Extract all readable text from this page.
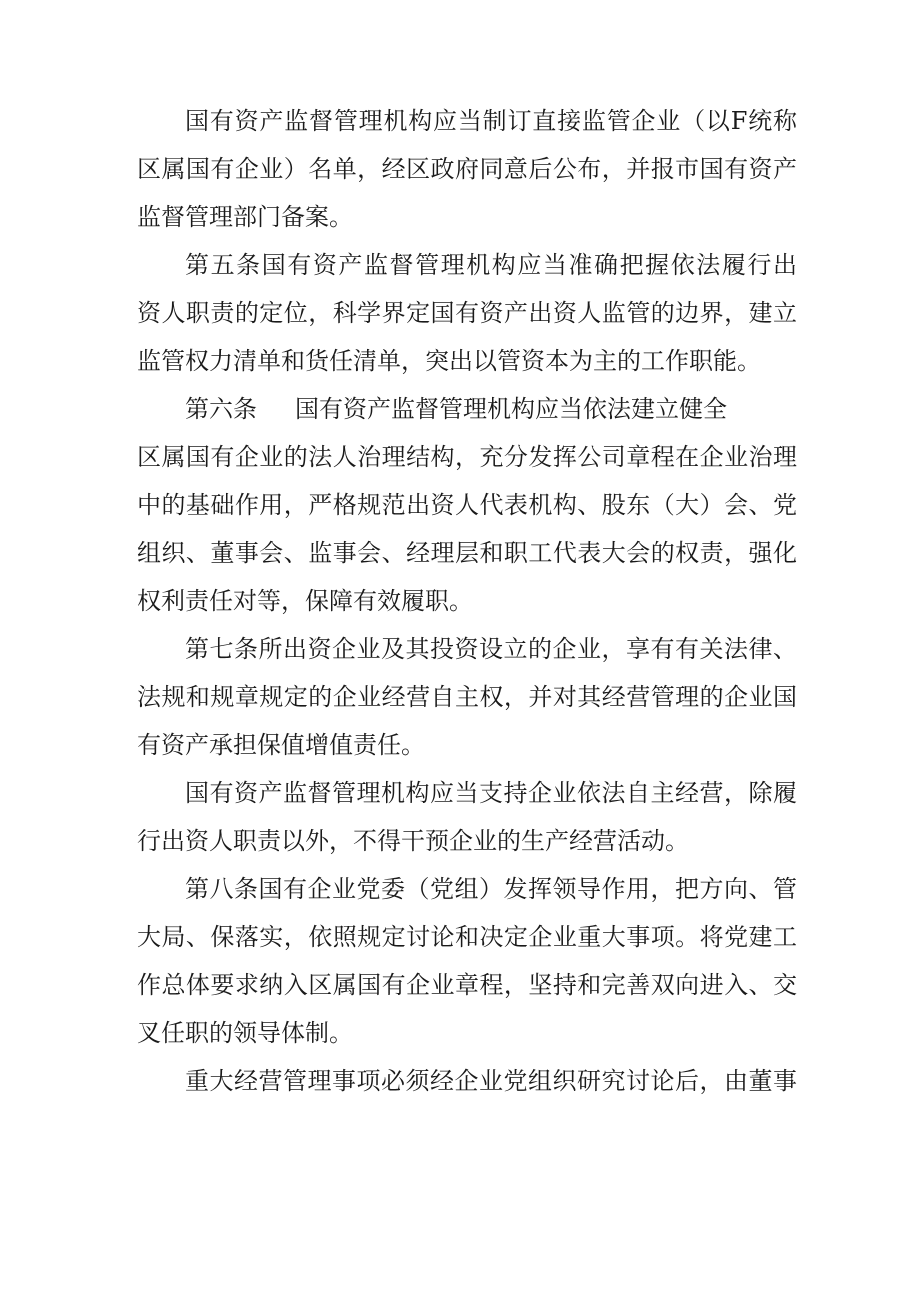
国有资产监督管理机构应当制订直接监管企业（以F统称
区属国有企业）名单，经区政府同意后公布，并报市国有资产
监督管理部门备案。
第五条国有资产监督管理机构应当准确把握依法履行出
资人职责的定位，科学界定国有资产出资人监管的边界，建立
监管权力清单和货任清单，突出以管资本为主的工作职能。
第六条 国有资产监督管理机构应当依法建立健全
区属国有企业的法人治理结构，充分发挥公司章程在企业治理
中的基础作用，严格规范出资人代表机构、股东（大）会、党
组织、董事会、监事会、经理层和职工代表大会的权责，强化
权利责任对等，保障有效履职。
第七条所出资企业及其投资设立的企业，享有有关法律、
法规和规章规定的企业经营自主权，并对其经营管理的企业国
有资产承担保值增值责任。
国有资产监督管理机构应当支持企业依法自主经营，除履
行出资人职责以外，不得干预企业的生产经营活动。
第八条国有企业党委（党组）发挥领导作用，把方向、管
大局、保落实，依照规定讨论和决定企业重大事项。将党建工
作总体要求纳入区属国有企业章程，坚持和完善双向进入、交
叉任职的领导体制。
重大经营管理事项必须经企业党组织研究讨论后，由董事
